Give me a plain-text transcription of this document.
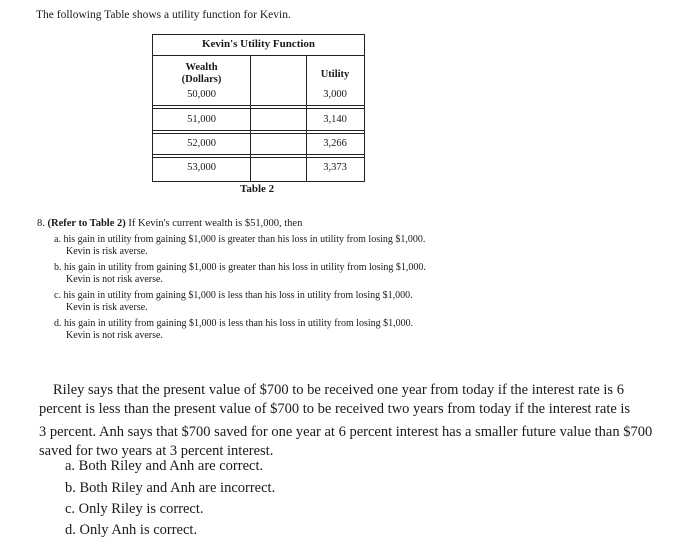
The following Table shows a utility function for Kevin.
Kevin's Utility Function
Wealth
(Dollars)	Utility
50,000	3,000
51,000	3,140
52,000	3,266
53,000	3,373
Table 2
8. (Refer to Table 2) If Kevin's current wealth is $51,000, then
a. his gain in utility from gaining $1,000 is greater than his loss in utility from losing $1,000.
Kevin is risk averse.
b. his gain in utility from gaining $1,000 is greater than his loss in utility from losing $1,000.
Kevin is not risk averse.
c. his gain in utility from gaining $1,000 is less than his loss in utility from losing $1,000.
Kevin is risk averse.
d. his gain in utility from gaining $1,000 is less than his loss in utility from losing $1,000.
Kevin is not risk averse.
Riley says that the present value of $700 to be received one year from today if the interest rate is 6 percent is less than the present value of $700 to be received two years from today if the interest rate is
3 percent. Anh says that $700 saved for one year at 6 percent interest has a smaller future value than $700 saved for two years at 3 percent interest.
a. Both Riley and Anh are correct.
b. Both Riley and Anh are incorrect.
c. Only Riley is correct.
d. Only Anh is correct.
